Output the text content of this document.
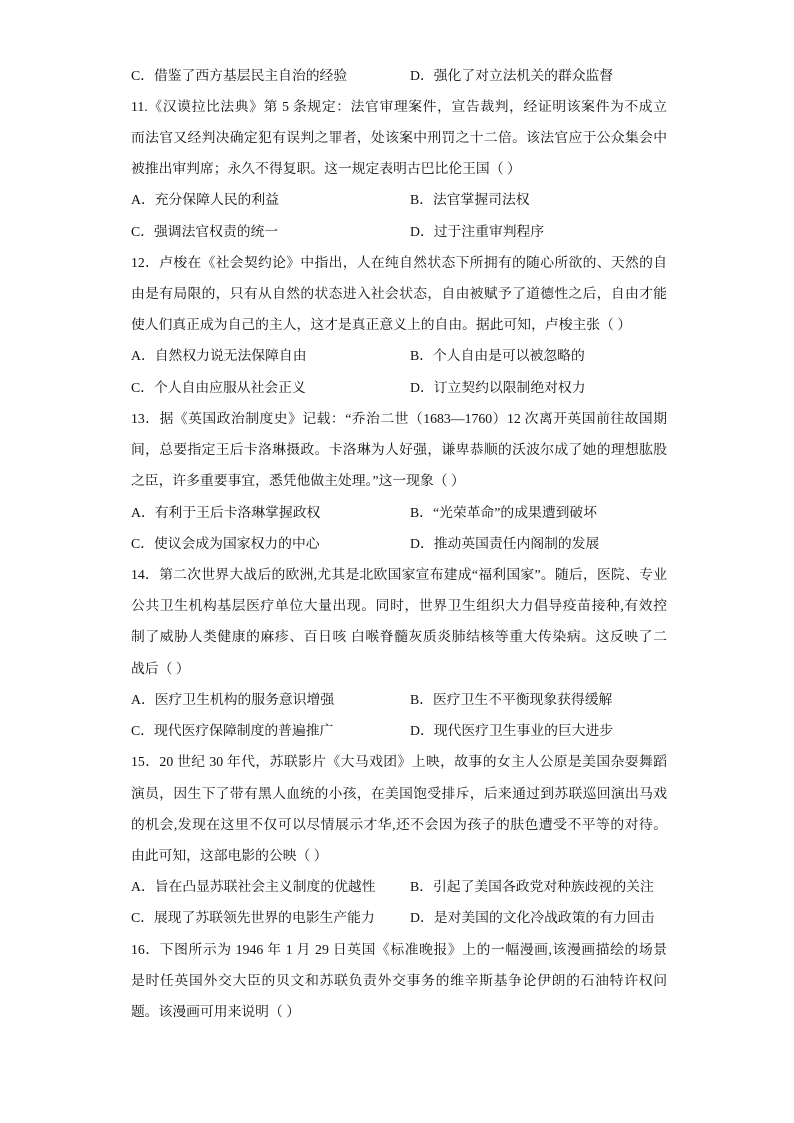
C．借鉴了西方基层民主自治的经验	D．强化了对立法机关的群众监督
11.《汉谟拉比法典》第 5 条规定：法官审理案件，宣告裁判，经证明该案件为不成立
而法官又经判决确定犯有误判之罪者，处该案中刑罚之十二倍。该法官应于公众集会中
被推出审判席；永久不得复职。这一规定表明古巴比伦王国（ ）
A．充分保障人民的利益	B．法官掌握司法权
C．强调法官权责的统一	D．过于注重审判程序
12．卢梭在《社会契约论》中指出，人在纯自然状态下所拥有的随心所欲的、天然的自
由是有局限的，只有从自然的状态进入社会状态，自由被赋予了道德性之后，自由才能
使人们真正成为自己的主人，这才是真正意义上的自由。据此可知，卢梭主张（ ）
A．自然权力说无法保障自由	B．个人自由是可以被忽略的
C．个人自由应服从社会正义	D．订立契约以限制绝对权力
13．据《英国政治制度史》记载：“乔治二世（1683—1760）12 次离开英国前往故国期
间，总要指定王后卡洛琳摄政。卡洛琳为人好强，谦卑恭顺的沃波尔成了她的理想肱股
之臣，许多重要事宜，悉凭他做主处理。”这一现象（ ）
A．有利于王后卡洛琳掌握政权	B．“光荣革命”的成果遭到破坏
C．使议会成为国家权力的中心	D．推动英国责任内阁制的发展
14．第二次世界大战后的欧洲,尤其是北欧国家宣布建成“福利国家”。随后，医院、专业
公共卫生机构基层医疗单位大量出现。同时，世界卫生组织大力倡导疫苗接种,有效控
制了威胁人类健康的麻疹、百日咳 白喉脊髓灰质炎肺结核等重大传染病。这反映了二
战后（ ）
A．医疗卫生机构的服务意识增强	B．医疗卫生不平衡现象获得缓解
C．现代医疗保障制度的普遍推广	D．现代医疗卫生事业的巨大进步
15．20 世纪 30 年代，苏联影片《大马戏团》上映，故事的女主人公原是美国杂耍舞蹈
演员，因生下了带有黑人血统的小孩，在美国饱受排斥，后来通过到苏联巡回演出马戏
的机会,发现在这里不仅可以尽情展示才华,还不会因为孩子的肤色遭受不平等的对待。
由此可知，这部电影的公映（ ）
A．旨在凸显苏联社会主义制度的优越性 B．引起了美国各政党对种族歧视的关注
C．展现了苏联领先世界的电影生产能力	D．是对美国的文化冷战政策的有力回击
16．下图所示为 1946 年 1 月 29 日英国《标准晚报》上的一幅漫画,该漫画描绘的场景
是时任英国外交大臣的贝文和苏联负责外交事务的维辛斯基争论伊朗的石油特许权问
题。该漫画可用来说明（ ）
